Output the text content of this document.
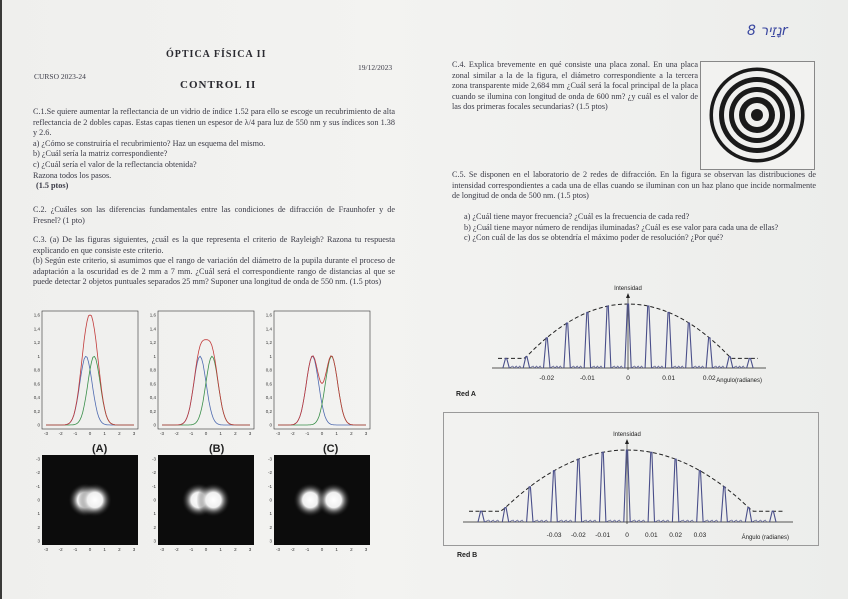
ÓPTICA FÍSICA II
19/12/2023
CURSO 2023-24
CONTROL II
נָזַיר 8r
C.1.Se quiere aumentar la reflectancia de un vidrio de índice 1.52 para ello se escoge un recubrimiento de alta reflectancia de 2 dobles capas. Estas capas tienen un espesor de λ/4 para luz de 550 nm y sus índices son 1.38 y 2.6.
a) ¿Cómo se construiría el recubrimiento? Haz un esquema del mismo.
b) ¿Cuál sería la matriz correspondiente?
c) ¿Cuál sería el valor de la reflectancia obtenida?
Razona todos los pasos.
(1.5 ptos)
C.2. ¿Cuáles son las diferencias fundamentales entre las condiciones de difracción de Fraunhofer y de Fresnel? (1 pto)
C.3. (a) De las figuras siguientes, ¿cuál es la que representa el criterio de Rayleigh? Razona tu respuesta explicando en que consiste este criterio.
(b) Según este criterio, si asumimos que el rango de variación del diámetro de la pupila durante el proceso de adaptación a la oscuridad es de 2 mm a 7 mm. ¿Cuál será el correspondiente rango de distancias al que se puede detectar 2 objetos puntuales separados 25 mm? Suponer una longitud de onda de 550 nm. (1.5 ptos)
1,6
1,4
1,2
1
0,8
0,6
0,4
0,2
0
-3 -2 -1	0	1	2	3
-3
-2
-1
0
1
2
3
-3 -2 -1	0	1	2	3
1,6
1,4
1,2
1
0,8
0,6
0,4
0,2
0
-3 -2 -1	0	1	2	3
-3
-2
-1
0
1
2
3
-3 -2 -1	0	1	2	3
1,6
1,4
1,2
1
0,8
0,6
0,4
0,2
0
-3 -2 -1	0	1	2	3
-3
-2
-1
0
1
2
3
-3 -2 -1	0	1	2	3
(A)	(B)	(C)
C.4. Explica brevemente en qué consiste una placa zonal. En una placa zonal similar a la de la figura, el diámetro correspondiente a la tercera zona transparente mide 2,684 mm ¿Cuál será la focal principal de la placa cuando se ilumina con longitud de onda de 600 nm? ¿y cuál es el valor de las dos primeras focales secundarias? (1.5 ptos)
C.5. Se disponen en el laboratorio de 2 redes de difracción. En la figura se observan las distribuciones de intensidad correspondientes a cada una de ellas cuando se iluminan con un haz plano que incide normalmente de longitud de onda de 500 nm. (1.5 ptos)
a) ¿Cuál tiene mayor frecuencia? ¿Cuál es la frecuencia de cada red?
b) ¿Cuál tiene mayor número de rendijas iluminadas? ¿Cuál es ese valor para cada una de ellas?
c) ¿Con cuál de las dos se obtendría el máximo poder de resolución? ¿Por qué?
Intensidad
Angulo(radianes)
-0.02	-0.01	0	0.01	0.02
Red A
Intensidad
Ángulo (radianes)
-0.03 -0.02 -0.01 0 0.01 0.02 0.03
Red B
